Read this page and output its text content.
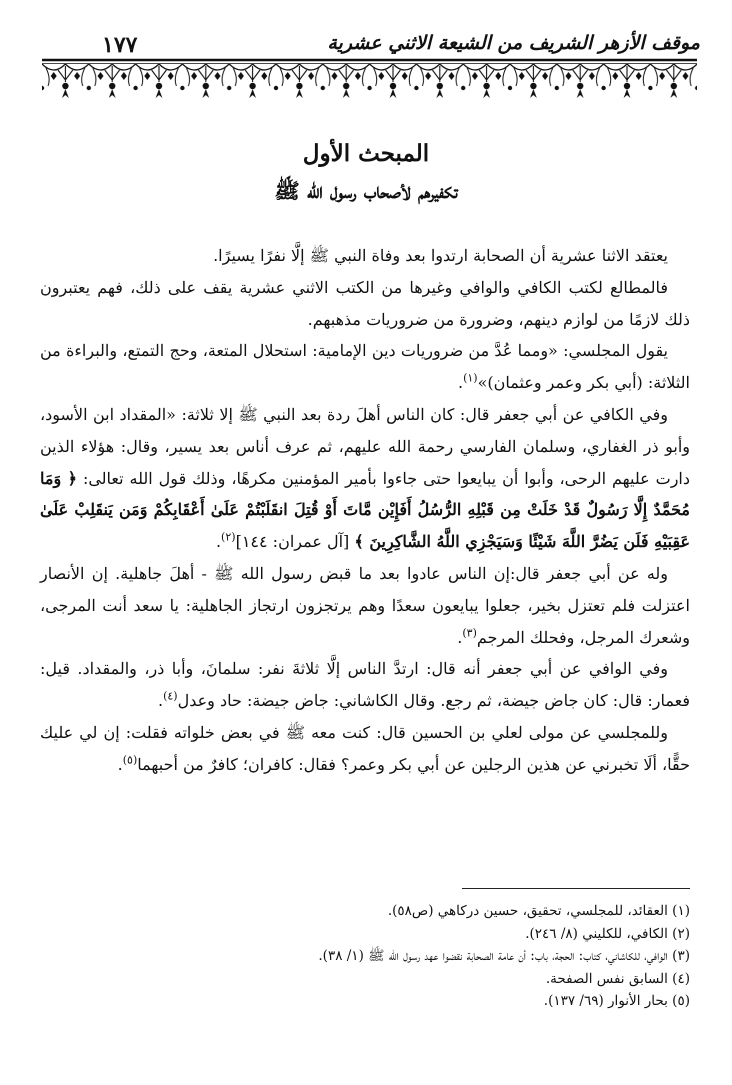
موقف الأزهر الشريف من الشيعة الاثني عشرية
١٧٧
المبحث الأول
تكفيرهم لأصحاب رسول الله ﷺ

يعتقد الاثنا عشرية أن الصحابة ارتدوا بعد وفاة النبي ﷺ إلَّا نفرًا يسيرًا.

فالمطالع لكتب الكافي والوافي وغيرها من الكتب الاثني عشرية يقف على ذلك، فهم يعتبرون ذلك لازمًا من لوازم دينهم، وضرورة من ضروريات مذهبهم.

يقول المجلسي: «ومما عُدَّ من ضروريات دين الإمامية: استحلال المتعة، وحج التمتع، والبراءة من الثلاثة: (أبي بكر وعمر وعثمان)»$^{(١)}$.

وفي الكافي عن أبي جعفر قال: كان الناس أهلَ ردة بعد النبي ﷺ إلا ثلاثة: «المقداد ابن الأسود، وأبو ذر الغفاري، وسلمان الفارسي رحمة الله عليهم، ثم عرف أناس بعد يسير، وقال: هؤلاء الذين دارت عليهم الرحى، وأبوا أن يبايعوا حتى جاءوا بأمير المؤمنين مكرهًا، وذلك قول الله تعالى: ﴿ وَمَا مُحَمَّدٌ إِلَّا رَسُولٌ قَدْ خَلَتْ مِن قَبْلِهِ الرُّسُلُ أَفَإِيْن مَّاتَ أَوْ قُتِلَ انقَلَبْتُمْ عَلَىٰ أَعْقَابِكُمْ وَمَن يَنقَلِبْ عَلَىٰ عَقِبَيْهِ فَلَن يَضُرَّ اللَّهَ شَيْئًا وَسَيَجْزِي اللَّهُ الشَّاكِرِينَ ﴾ [آل عمران: ١٤٤]$^{(٢)}$.

وله عن أبي جعفر قال:إن الناس عادوا بعد ما قبض رسول الله ﷺ - أهلَ جاهلية. إن الأنصار اعتزلت فلم تعتزل بخير، جعلوا يبايعون سعدًا وهم يرتجزون ارتجاز الجاهلية: يا سعد أنت المرجى، وشعرك المرجل، وفحلك المرجم$^{(٣)}$.

وفي الوافي عن أبي جعفر أنه قال: ارتدَّ الناس إلَّا ثلاثةَ نفر: سلمانَ، وأبا ذر، والمقداد. قيل: فعمار: قال: كان جاض جيضة، ثم رجع. وقال الكاشاني: جاض جيضة: حاد وعدل$^{(٤)}$.

وللمجلسي عن مولى لعلي بن الحسين قال: كنت معه ﷺ في بعض خلواته فقلت: إن لي عليك حقًّا، ألَا تخبرني عن هذين الرجلين عن أبي بكر وعمر؟ فقال: كافران؛ كافرٌ من أحبهما$^{(٥)}$.

(١) العقائد، للمجلسي، تحقيق، حسين دركاهي (ص٥٨).
(٢) الكافي، للكليني (٨/ ٢٤٦).
(٣) الوافي، للكاشاني، كتاب: الحجة، باب: أن عامة الصحابة نقضوا عهد رسول الله ﷺ (١/ ٣٨).
(٤) السابق نفس الصفحة.
(٥) بحار الأنوار (٦٩/ ١٣٧).
